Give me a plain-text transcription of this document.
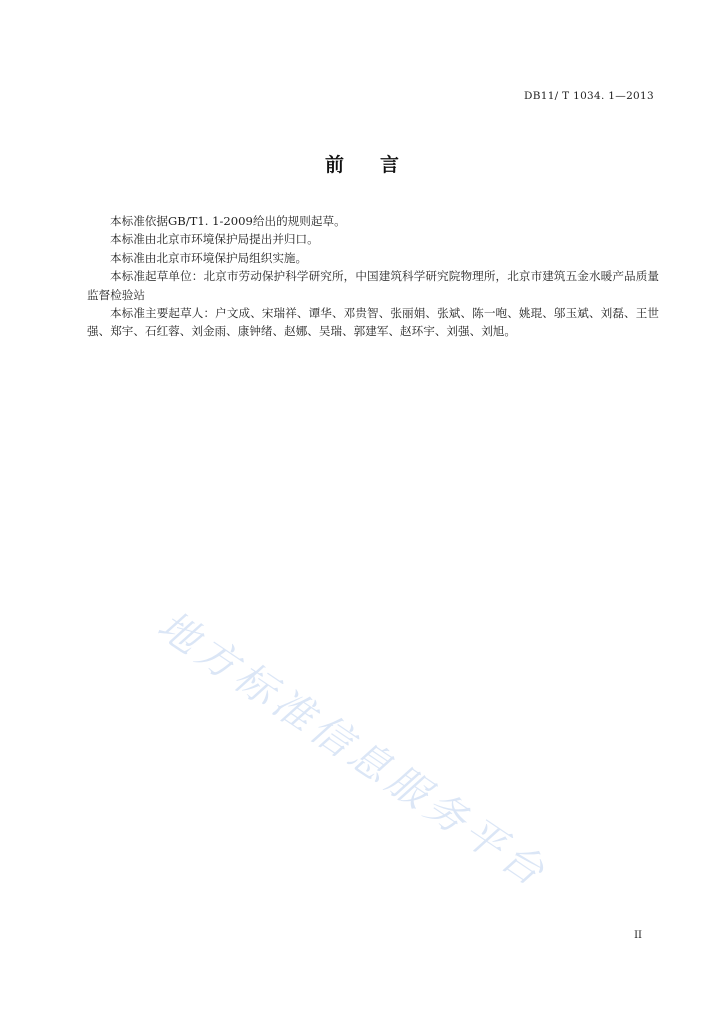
DB11/ T 1034. 1—2013
前言

本标准依据GB/T1. 1-2009给出的规则起草。

本标准由北京市环境保护局提出并归口。

本标准由北京市环境保护局组织实施。

本标准起草单位：北京市劳动保护科学研究所，中国建筑科学研究院物理所，北京市建筑五金水暖产品质量监督检验站

本标准主要起草人：户文成、宋瑞祥、谭华、邓贵智、张丽娟、张斌、陈一咆、姚琨、邬玉斌、刘磊、王世强、郑宇、石红蓉、刘金雨、康钟绪、赵娜、吴瑞、郭建军、赵环宇、刘强、刘旭。

地方标准信息服务平台
II
